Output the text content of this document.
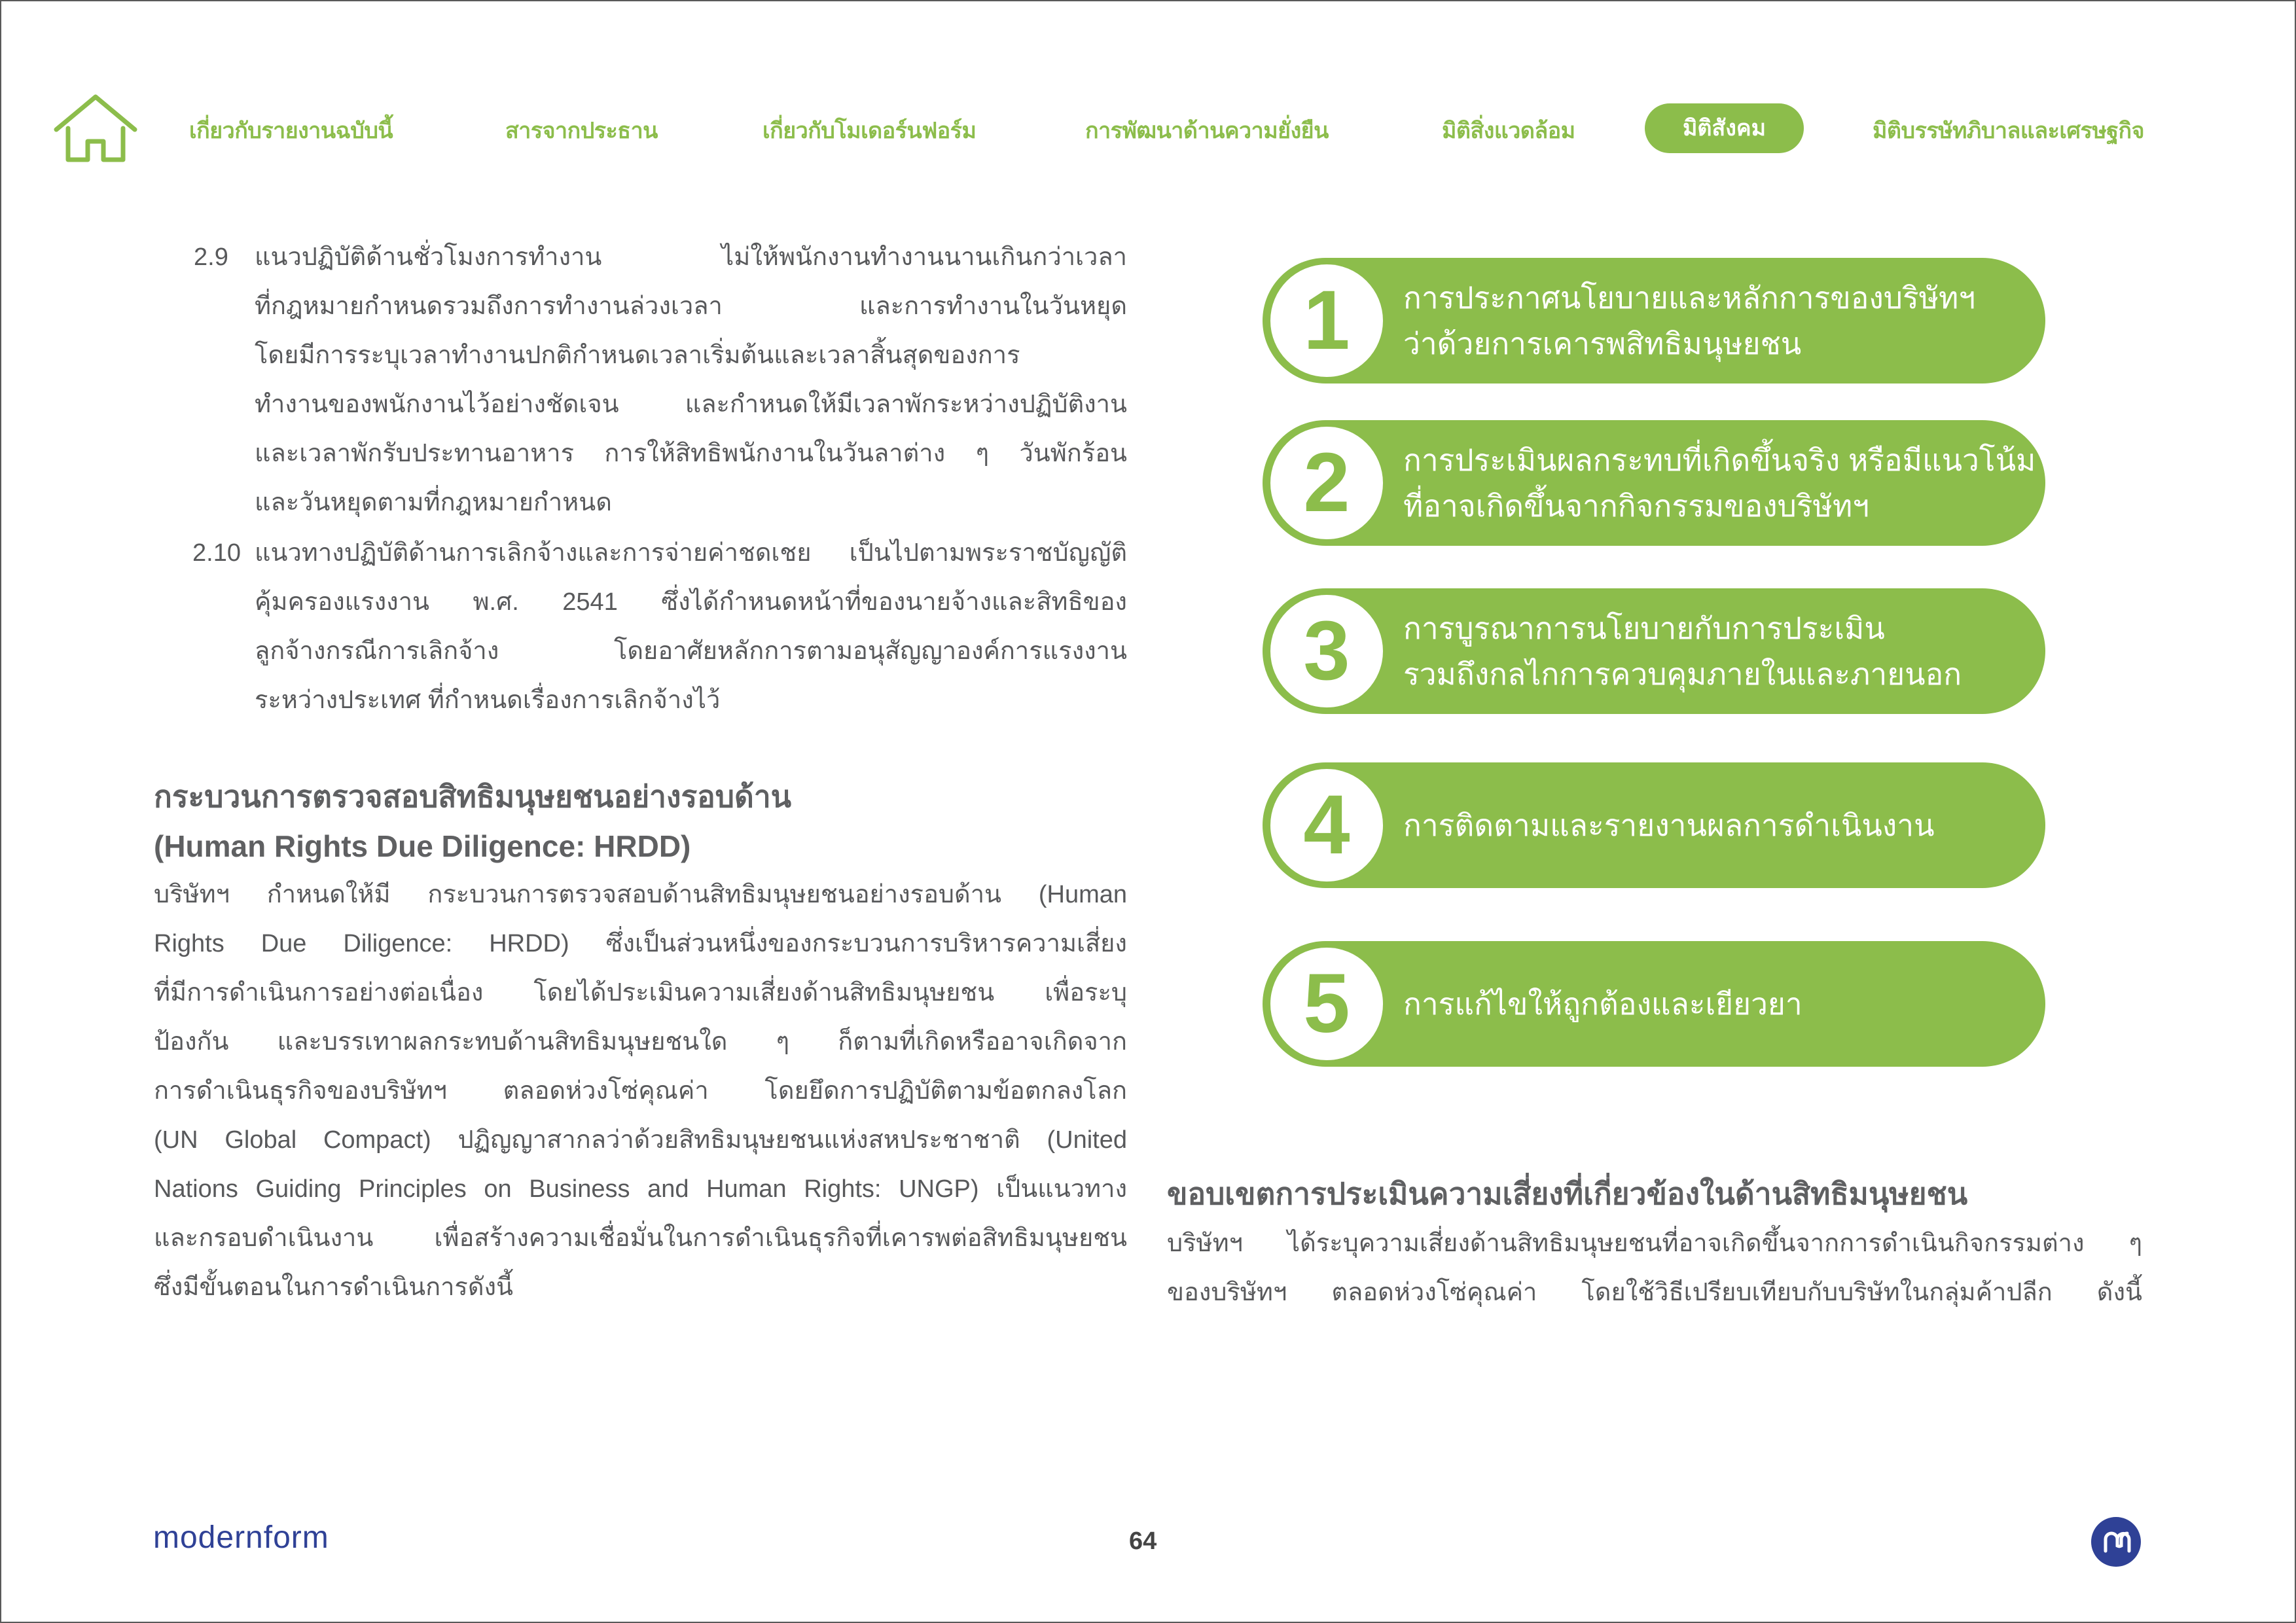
เกี่ยวกับรายงานฉบับนี้	สารจากประธาน	เกี่ยวกับโมเดอร์นฟอร์ม	การพัฒนาด้านความยั่งยืน	มิติสิ่งแวดล้อม	มิติสังคม	มิติบรรษัทภิบาลและเศรษฐกิจ
2.9 แนวปฏิบัติด้านชั่วโมงการทำงาน ไม่ให้พนักงานทำงานนานเกินกว่าเวลา
ที่กฎหมายกำหนดรวมถึงการทำงานล่วงเวลา และการทำงานในวันหยุด
โดยมีการระบุเวลาทำงานปกติกำหนดเวลาเริ่มต้นและเวลาสิ้นสุดของการ
ทำงานของพนักงานไว้อย่างชัดเจน และกำหนดให้มีเวลาพักระหว่างปฏิบัติงาน
และเวลาพักรับประทานอาหาร การให้สิทธิพนักงานในวันลาต่าง ๆ วันพักร้อน
และวันหยุดตามที่กฎหมายกำหนด
2.10 แนวทางปฏิบัติด้านการเลิกจ้างและการจ่ายค่าชดเชย เป็นไปตามพระราชบัญญัติ
คุ้มครองแรงงาน พ.ศ. 2541 ซึ่งได้กำหนดหน้าที่ของนายจ้างและสิทธิของ
ลูกจ้างกรณีการเลิกจ้าง โดยอาศัยหลักการตามอนุสัญญาองค์การแรงงาน
ระหว่างประเทศ ที่กำหนดเรื่องการเลิกจ้างไว้
กระบวนการตรวจสอบสิทธิมนุษยชนอย่างรอบด้าน
(Human Rights Due Diligence: HRDD)
บริษัทฯ กำหนดให้มี กระบวนการตรวจสอบด้านสิทธิมนุษยชนอย่างรอบด้าน (Human
Rights Due Diligence: HRDD) ซึ่งเป็นส่วนหนึ่งของกระบวนการบริหารความเสี่ยง
ที่มีการดำเนินการอย่างต่อเนื่อง โดยได้ประเมินความเสี่ยงด้านสิทธิมนุษยชน เพื่อระบุ
ป้องกัน และบรรเทาผลกระทบด้านสิทธิมนุษยชนใด ๆ ก็ตามที่เกิดหรืออาจเกิดจาก
การดำเนินธุรกิจของบริษัทฯ ตลอดห่วงโซ่คุณค่า โดยยึดการปฏิบัติตามข้อตกลงโลก
(UN Global Compact) ปฏิญญาสากลว่าด้วยสิทธิมนุษยชนแห่งสหประชาชาติ (United
Nations Guiding Principles on Business and Human Rights: UNGP) เป็นแนวทาง
และกรอบดำเนินงาน เพื่อสร้างความเชื่อมั่นในการดำเนินธุรกิจที่เคารพต่อสิทธิมนุษยชน
ซึ่งมีขั้นตอนในการดำเนินการดังนี้
1	การประกาศนโยบายและหลักการของบริษัทฯ
ว่าด้วยการเคารพสิทธิมนุษยชน
2	การประเมินผลกระทบที่เกิดขึ้นจริง หรือมีแนวโน้ม
ที่อาจเกิดขึ้นจากกิจกรรมของบริษัทฯ
3	การบูรณาการนโยบายกับการประเมิน
รวมถึงกลไกการควบคุมภายในและภายนอก
4	การติดตามและรายงานผลการดำเนินงาน
5	การแก้ไขให้ถูกต้องและเยียวยา
ขอบเขตการประเมินความเสี่ยงที่เกี่ยวข้องในด้านสิทธิมนุษยชน
บริษัทฯ ได้ระบุความเสี่ยงด้านสิทธิมนุษยชนที่อาจเกิดขึ้นจากการดำเนินกิจกรรมต่าง ๆ
ของบริษัทฯ ตลอดห่วงโซ่คุณค่า โดยใช้วิธีเปรียบเทียบกับบริษัทในกลุ่มค้าปลีก ดังนี้
modernform	64
